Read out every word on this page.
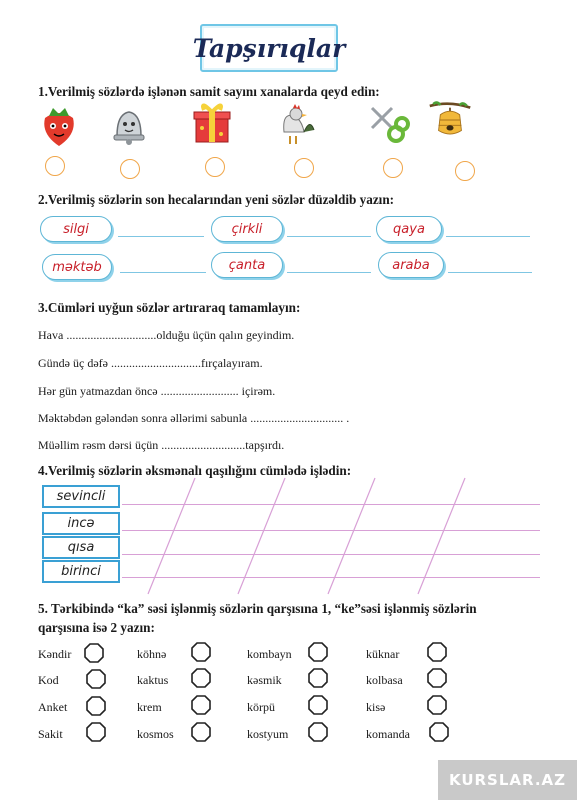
Tapşırıqlar
1.Verilmiş sözlərdə işlənən samit sayını xanalarda qeyd edin:
2.Verilmiş sözlərin son hecalarından yeni sözlər düzəldib yazın:
silgi	çirkli	qaya
məktəb	çanta	araba
3.Cümləri uyğun sözlər artıraraq tamamlayın:
Hava ..............................olduğu üçün qalın geyindim.
Gündə üç dəfə ..............................fırçalayıram.
Hər gün yatmazdan öncə .......................... içirəm.
Məktəbdən gələndən sonra əllərimi sabunla ............................... .
Müəllim rəsm dərsi üçün ............................tapşırdı.
4.Verilmiş sözlərin əksmənalı qaşılığını cümlədə işlədin:
sevincli
incə
qısa
birinci
5. Tərkibində “ka” səsi işlənmiş sözlərin qarşısına 1, “ke”səsi işlənmiş sözlərin
qarşısına isə 2 yazın:
Kəndir	köhnə	kombayn	küknar
Kod	kaktus	kəsmik	kolbasa
Anket	krem	körpü	kisə
Sakit	kosmos	kostyum	komanda
KURSLAR.AZ
